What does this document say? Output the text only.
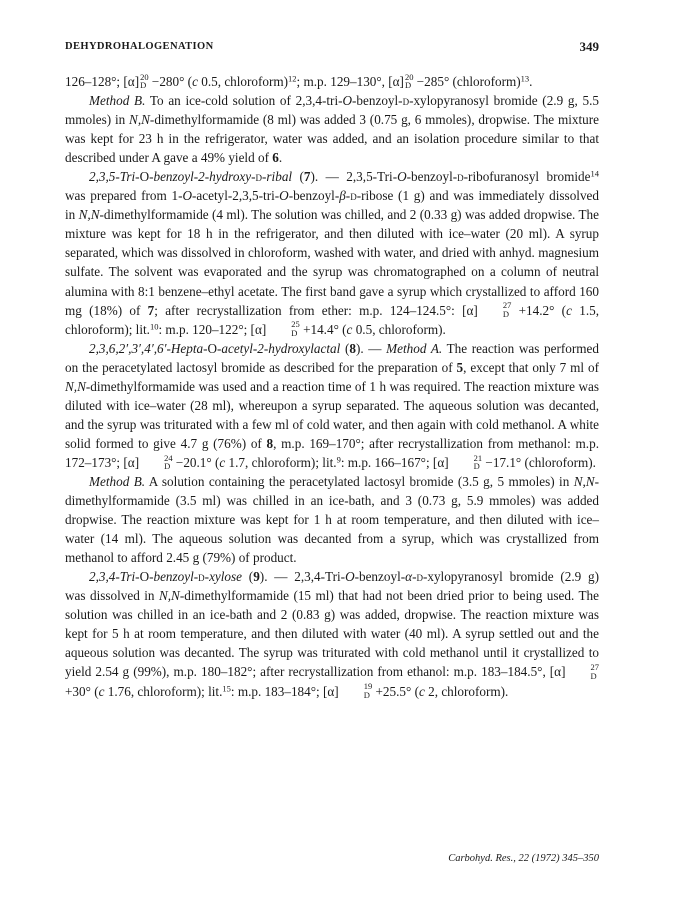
DEHYDROHALOGENATION	349

126–128°; [α] 20
D −280° (c 0.5, chloroform)$^{12}$; m.p. 129–130°, [α] 20
D −285° (chloroform)$^{13}$.

Method B. To an ice-cold solution of 2,3,4-tri-O-benzoyl-d-xylopyranosyl bromide (2.9 g, 5.5 mmoles) in N,N-dimethylformamide (8 ml) was added 3 (0.75 g, 6 mmoles), dropwise. The mixture was kept for 23 h in the refrigerator, water was added, and an isolation procedure similar to that described under A gave a 49% yield of 6.

2,3,5-Tri-O-benzoyl-2-hydroxy-d-ribal (7). — 2,3,5-Tri-O-benzoyl-d-ribofuranosyl bromide$^{14}$ was prepared from 1-O-acetyl-2,3,5-tri-O-benzoyl-β-d-ribose (1 g) and was immediately dissolved in N,N-dimethylformamide (4 ml). The solution was chilled, and 2 (0.33 g) was added dropwise. The mixture was kept for 18 h in the refrigerator, and then diluted with ice–water (20 ml). A syrup separated, which was dissolved in chloroform, washed with water, and dried with anhyd. magnesium sulfate. The solvent was evaporated and the syrup was chromatographed on a column of neutral alumina with 8:1 benzene–ethyl acetate. The first band gave a syrup which crystallized to afford 160 mg (18%) of 7; after recrystallization from ether: m.p. 124–124.5°: [α]	27
D +14.2° (c 1.5, chloroform); lit.$^{10}$: m.p. 120–122°; [α]	25
D +14.4° (c 0.5, chloroform).

2,3,6,2′,3′,4′,6′-Hepta-O-acetyl-2-hydroxylactal (8). — Method A. The reaction was performed on the peracetylated lactosyl bromide as described for the preparation of 5, except that only 7 ml of N,N-dimethylformamide was used and a reaction time of 1 h was required. The reaction mixture was diluted with ice–water (28 ml), whereupon a syrup separated. The aqueous solution was decanted, and the syrup was triturated with a few ml of cold water, and then again with cold methanol. A white solid formed to give 4.7 g (76%) of 8, m.p. 169–170°; after recrystallization from methanol: m.p. 172–173°; [α]	24
D −20.1° (c 1.7, chloroform); lit.$^9$: m.p. 166–167°; [α]	21
D −17.1° (chloroform).

Method B. A solution containing the peracetylated lactosyl bromide (3.5 g, 5 mmoles) in N,N-dimethylformamide (3.5 ml) was chilled in an ice-bath, and 3 (0.73 g, 5.9 mmoles) was added dropwise. The reaction mixture was kept for 1 h at room temperature, and then diluted with ice–water (14 ml). The aqueous solution was decanted from a syrup, which was crystallized from methanol to afford 2.45 g (79%) of product.

2,3,4-Tri-O-benzoyl-d-xylose (9). — 2,3,4-Tri-O-benzoyl-α-d-xylopyranosyl bromide (2.9 g) was dissolved in N,N-dimethylformamide (15 ml) that had not been dried prior to being used. The solution was chilled in an ice-bath and 2 (0.83 g) was added, dropwise. The reaction mixture was kept for 5 h at room temperature, and then diluted with water (40 ml). A syrup settled out and the aqueous solution was decanted. The syrup was triturated with cold methanol until it crystallized to yield 2.54 g (99%), m.p. 180–182°; after recrystallization from ethanol: m.p. 183–184.5°, [α]	27
D
+30° (c 1.76, chloroform); lit.$^{15}$: m.p. 183–184°; [α]	19
D +25.5° (c 2, chloroform).

Carbohyd. Res., 22 (1972) 345–350
